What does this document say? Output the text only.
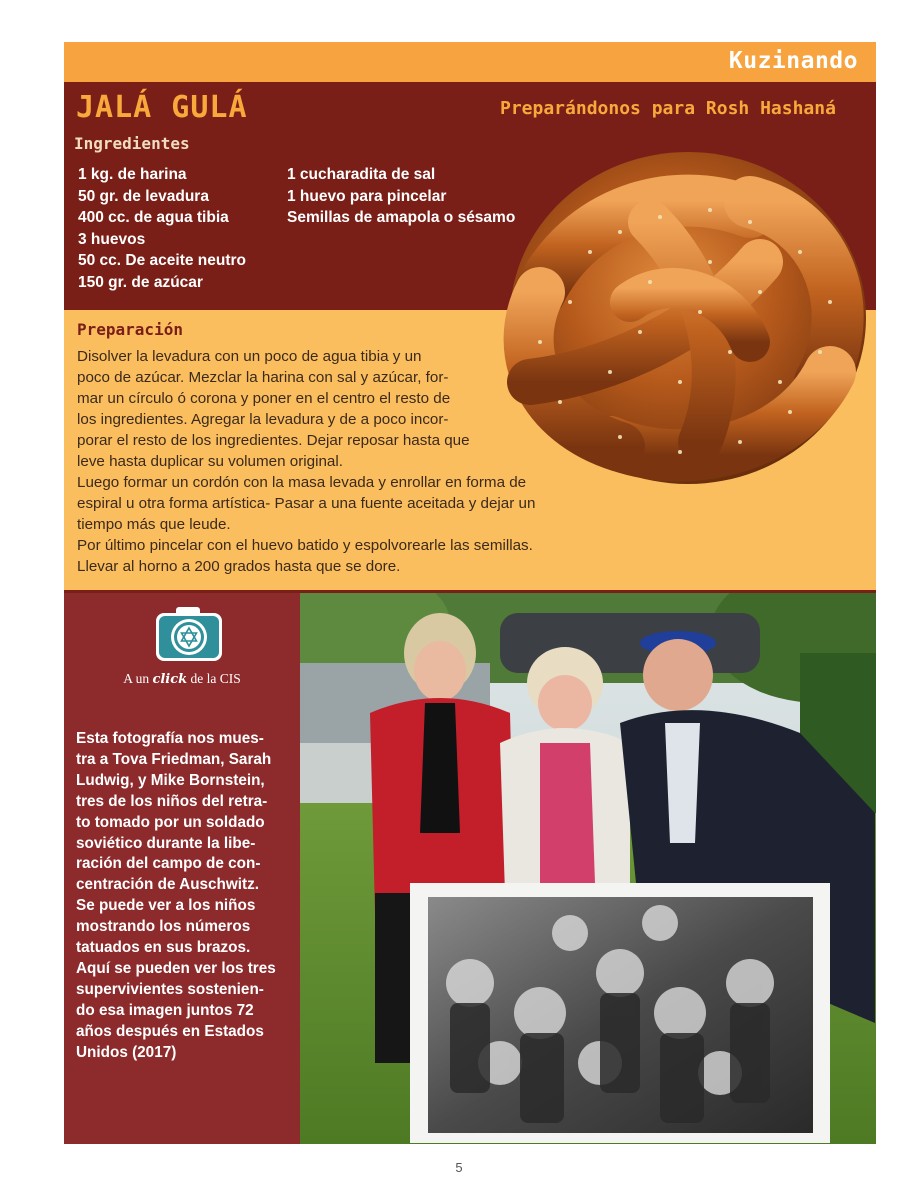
Kuzinando
JALÁ GULÁ	Preparándonos para Rosh Hashaná
Ingredientes
1 kg. de harina
50 gr. de levadura
400 cc. de agua tibia
3 huevos
50 cc. De aceite neutro
150 gr. de azúcar
1 cucharadita de sal
1 huevo para pincelar
Semillas de amapola o sésamo
Preparación

Disolver la levadura con un poco de agua tibia y un

poco de azúcar. Mezclar la harina con sal y azúcar, for-

mar un círculo ó corona y poner en el centro el resto de

los ingredientes. Agregar la levadura y de a poco incor-

porar el resto de los ingredientes. Dejar reposar hasta que

leve hasta duplicar su volumen original.

Luego formar un cordón con la masa levada y enrollar en forma de

espiral u otra forma artística- Pasar a una fuente aceitada y dejar un

tiempo más que leude.

Por último pincelar con el huevo batido y espolvorearle las semillas.

Llevar al horno a 200 grados hasta que se dore.

A un click de la CIS
Esta fotografía nos mues-
tra a Tova Friedman, Sarah
Ludwig, y Mike Bornstein,
tres de los niños del retra-
to tomado por un soldado
soviético durante la libe-
ración del campo de con-
centración de Auschwitz.
Se puede ver a los niños
mostrando los números
tatuados en sus brazos.
Aquí se pueden ver los tres
supervivientes sostenien-
do esa imagen juntos 72
años después en Estados
Unidos (2017)
5
